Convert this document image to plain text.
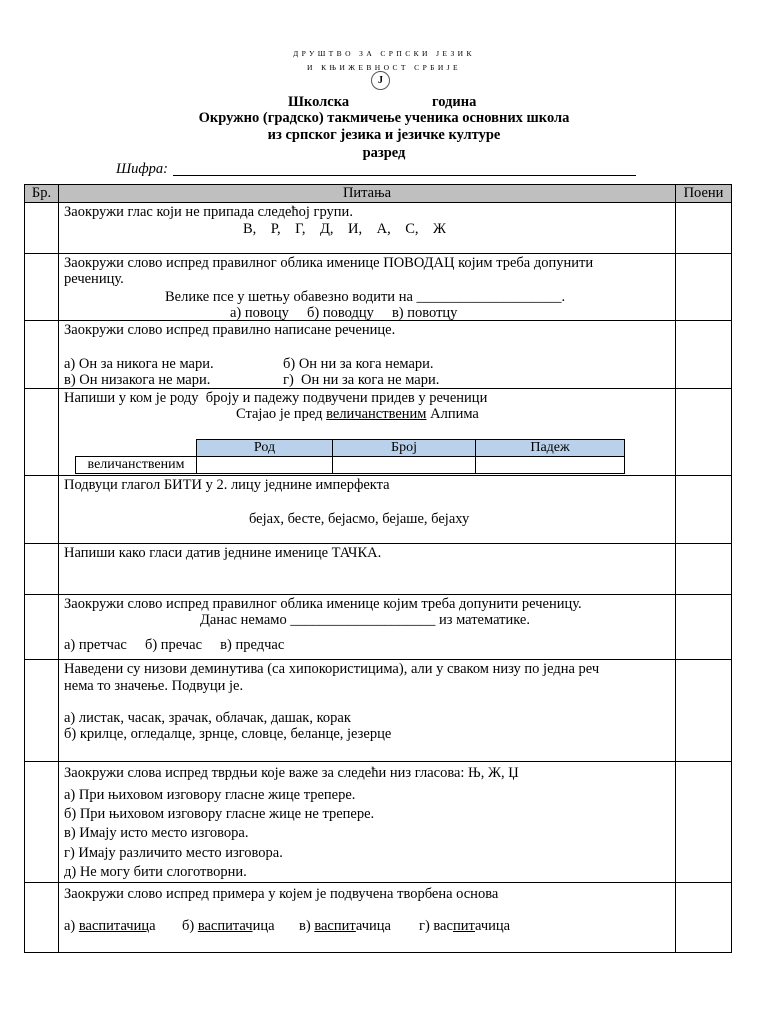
ДРУШТВО ЗА СРПСКИ ЈЕЗИК
И КЊИЖЕВНОСТ СРБИЈЕ
Ј
Школска	година
Окружно (градско) такмичење ученика основних школа
из српског језика и језичке културе
разред
Шифра:
Бр.	Питања	Поени

Заокружи глас који не припада следећој групи.
В,    Р,    Г,    Д,    И,    А,    С,    Ж

Заокружи слово испред правилног облика именице ПОВОДАЦ којим треба допунити
реченицу.
Велике псе у шетњу обавезно водити на ____________________.
а) повоцу     б) поводцу     в) повотцу

Заокружи слово испред правилно написане реченице.
а) Он за никога не мари.	б) Он ни за кога немари.
в) Он низакога не мари.	г)  Он ни за кога не мари.

Напиши у ком је роду  броју и падежу подвучени придев у реченици
Стајао је пред величанственим Алпима
	Род	Број	Падеж
величанственим			

Подвуци глагол БИТИ у 2. лицу једнине имперфекта
бејах, бесте, бејасмо, бејаше, бејаху

Напиши како гласи датив једнине именице ТАЧКА.

Заокружи слово испред правилног облика именице којим треба допунити реченицу.
Данас немамо ____________________ из математике.
а) претчас     б) пречас     в) предчас

Наведени су низови деминутива (са хипокористицима), али у сваком низу по једна реч
нема то значење. Подвуци је.
а) листак, часак, зрачак, облачак, дашак, корак
б) крилце, огледалце, зрнце, словце, беланце, језерце

Заокружи слова испред тврдњи које важе за следећи низ гласова: Њ, Ж, Џ
а) При њиховом изговору гласне жице трепере.
б) При њиховом изговору гласне жице не трепере.
в) Имају исто место изговора.
г) Имају различито место изговора.
д) Не могу бити слоготворни.

Заокружи слово испред примера у којем је подвучена творбена основа
а) васпитачица б) васпитачица в) васпитачица г) васпитачица
